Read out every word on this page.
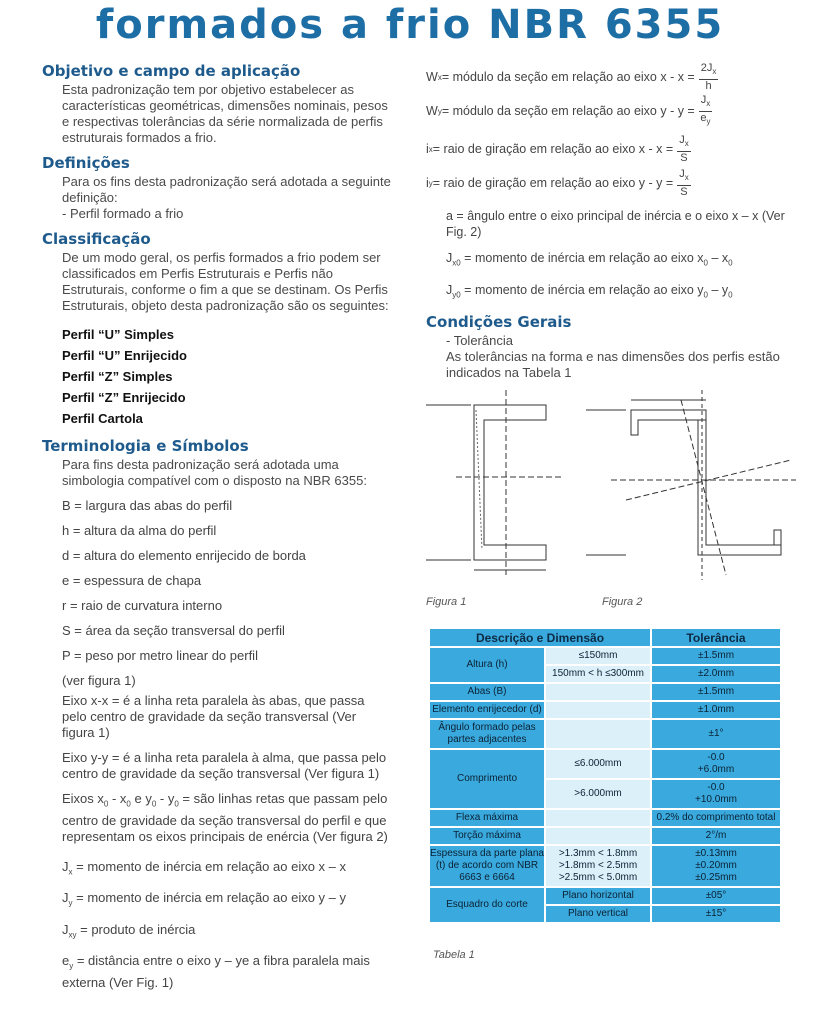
formados a frio NBR 6355
Objetivo e campo de aplicação
Esta padronização tem por objetivo estabelecer as características geométricas, dimensões nominais, pesos e respectivas tolerâncias da série normalizada de perfis estruturais formados a frio.
Definições
Para os fins desta padronização será adotada a seguinte definição:
- Perfil formado a frio
Classificação
De um modo geral, os perfis formados a frio podem ser classificados em Perfis Estruturais e Perfis não Estruturais, conforme o fim a que se destinam. Os Perfis Estruturais, objeto desta padronização são os seguintes:
Perfil “U” Simples
Perfil “U” Enrijecido
Perfil “Z” Simples
Perfil “Z” Enrijecido
Perfil Cartola
Terminologia e Símbolos
Para fins desta padronização será adotada uma simbologia compatível com o disposto na NBR 6355:
B = largura das abas do perfil
h = altura da alma do perfil
d = altura do elemento enrijecido de borda
e = espessura de chapa
r = raio de curvatura interno
S = área da seção transversal do perfil
P = peso por metro linear do perfil
(ver figura 1)
Eixo x-x = é a linha reta paralela às abas, que passa pelo centro de gravidade da seção transversal (Ver figura 1)
Eixo y-y = é a linha reta paralela à alma, que passa pelo centro de gravidade da seção transversal (Ver figura 1)
Eixos $x_0 - x_0$ e $y_0 - y_0$ = são linhas retas que passam pelo centro de gravidade da seção transversal do perfil e que representam os eixos principais de enércia (Ver figura 2)
$J_x$ = momento de inércia em relação ao eixo x – x
$J_y$ = momento de inércia em relação ao eixo y – y
$J_{xy}$ = produto de inércia
$e_y$ = distância entre o eixo y – ye a fibra paralela mais externa (Ver Fig. 1)
W x = módulo da seção em relação ao eixo $x - x = \frac{2J_x}{h}$
W y = módulo da seção em relação ao eixo $y - y = \frac{J_x}{e_y}$
i x = raio de giração em relação ao eixo $x - x = \frac{J_x}{S}$
i y = raio de giração em relação ao eixo $y - y = \frac{J_x}{S}$
a = ângulo entre o eixo principal de inércia e o eixo x – x (Ver Fig. 2)
$J_{x0}$ = momento de inércia em relação ao eixo $x_0 - x_0$
$J_{y0}$ = momento de inércia em relação ao eixo $y_0 - y_0$
Condições Gerais
- Tolerância
As tolerâncias na forma e nas dimensões dos perfis estão indicados na Tabela 1
Figura 1	Figura 2
Descrição e Dimensão		Tolerância
Altura (h)	≤150mm	±1.5mm
	150mm < h ≤300mm	±2.0mm
Abas (B)		±1.5mm
Elemento enrijecedor (d)		±1.0mm
Ângulo formado pelas partes adjacentes		±1°
Comprimento	≤6.000mm	-0.0
+6.0mm
	>6.000mm	-0.0
+10.0mm
Flexa máxima		0.2% do comprimento total
Torção máxima		2°/m
Espessura da parte plana (t) de acordo com NBR 6663 e 6664	>1.3mm < 1.8mm
>1.8mm < 2.5mm
>2.5mm < 5.0mm	±0.13mm
±0.20mm
±0.25mm
Esquadro do corte	Plano horizontal	±05°
	Plano vertical	±15°
Tabela 1
